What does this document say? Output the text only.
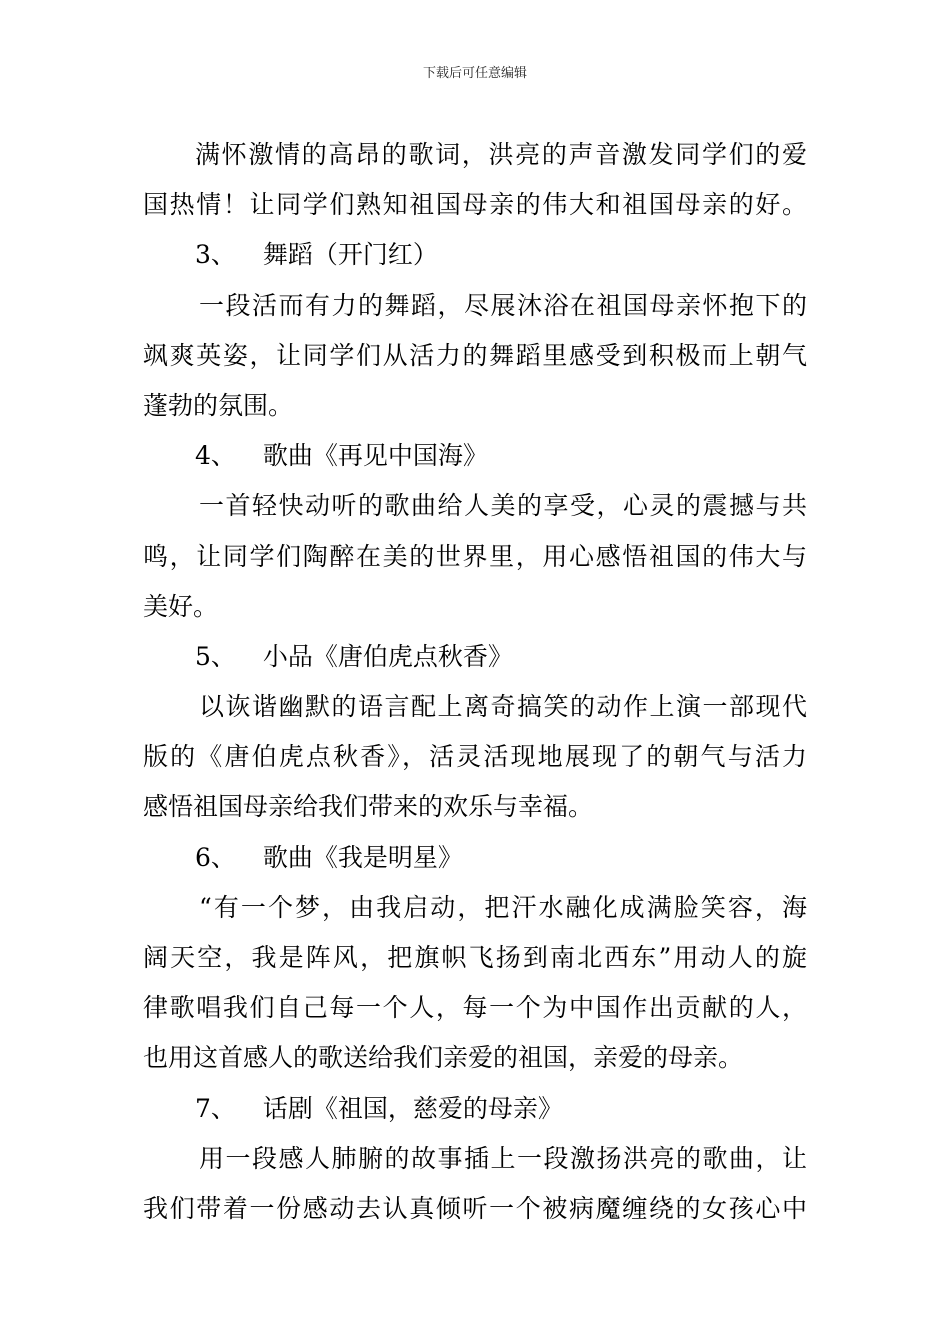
下载后可任意编辑
满怀激情的高昂的歌词，洪亮的声音激发同学们的爱
国热情！让同学们熟知祖国母亲的伟大和祖国母亲的好。
3、 舞蹈（开门红）
一段活而有力的舞蹈，尽展沐浴在祖国母亲怀抱下的
飒爽英姿，让同学们从活力的舞蹈里感受到积极而上朝气
蓬勃的氛围。
4、 歌曲《再见中国海》
一首轻快动听的歌曲给人美的享受，心灵的震撼与共
鸣，让同学们陶醉在美的世界里，用心感悟祖国的伟大与
美好。
5、 小品《唐伯虎点秋香》
以诙谐幽默的语言配上离奇搞笑的动作上演一部现代
版的《唐伯虎点秋香》，活灵活现地展现了的朝气与活力
感悟祖国母亲给我们带来的欢乐与幸福。
6、 歌曲《我是明星》
“有一个梦，由我启动，把汗水融化成满脸笑容，海
阔天空，我是阵风，把旗帜飞扬到南北西东”用动人的旋
律歌唱我们自己每一个人，每一个为中国作出贡献的人，
也用这首感人的歌送给我们亲爱的祖国，亲爱的母亲。
7、 话剧《祖国，慈爱的母亲》
用一段感人肺腑的故事插上一段激扬洪亮的歌曲，让
我们带着一份感动去认真倾听一个被病魔缠绕的女孩心中
